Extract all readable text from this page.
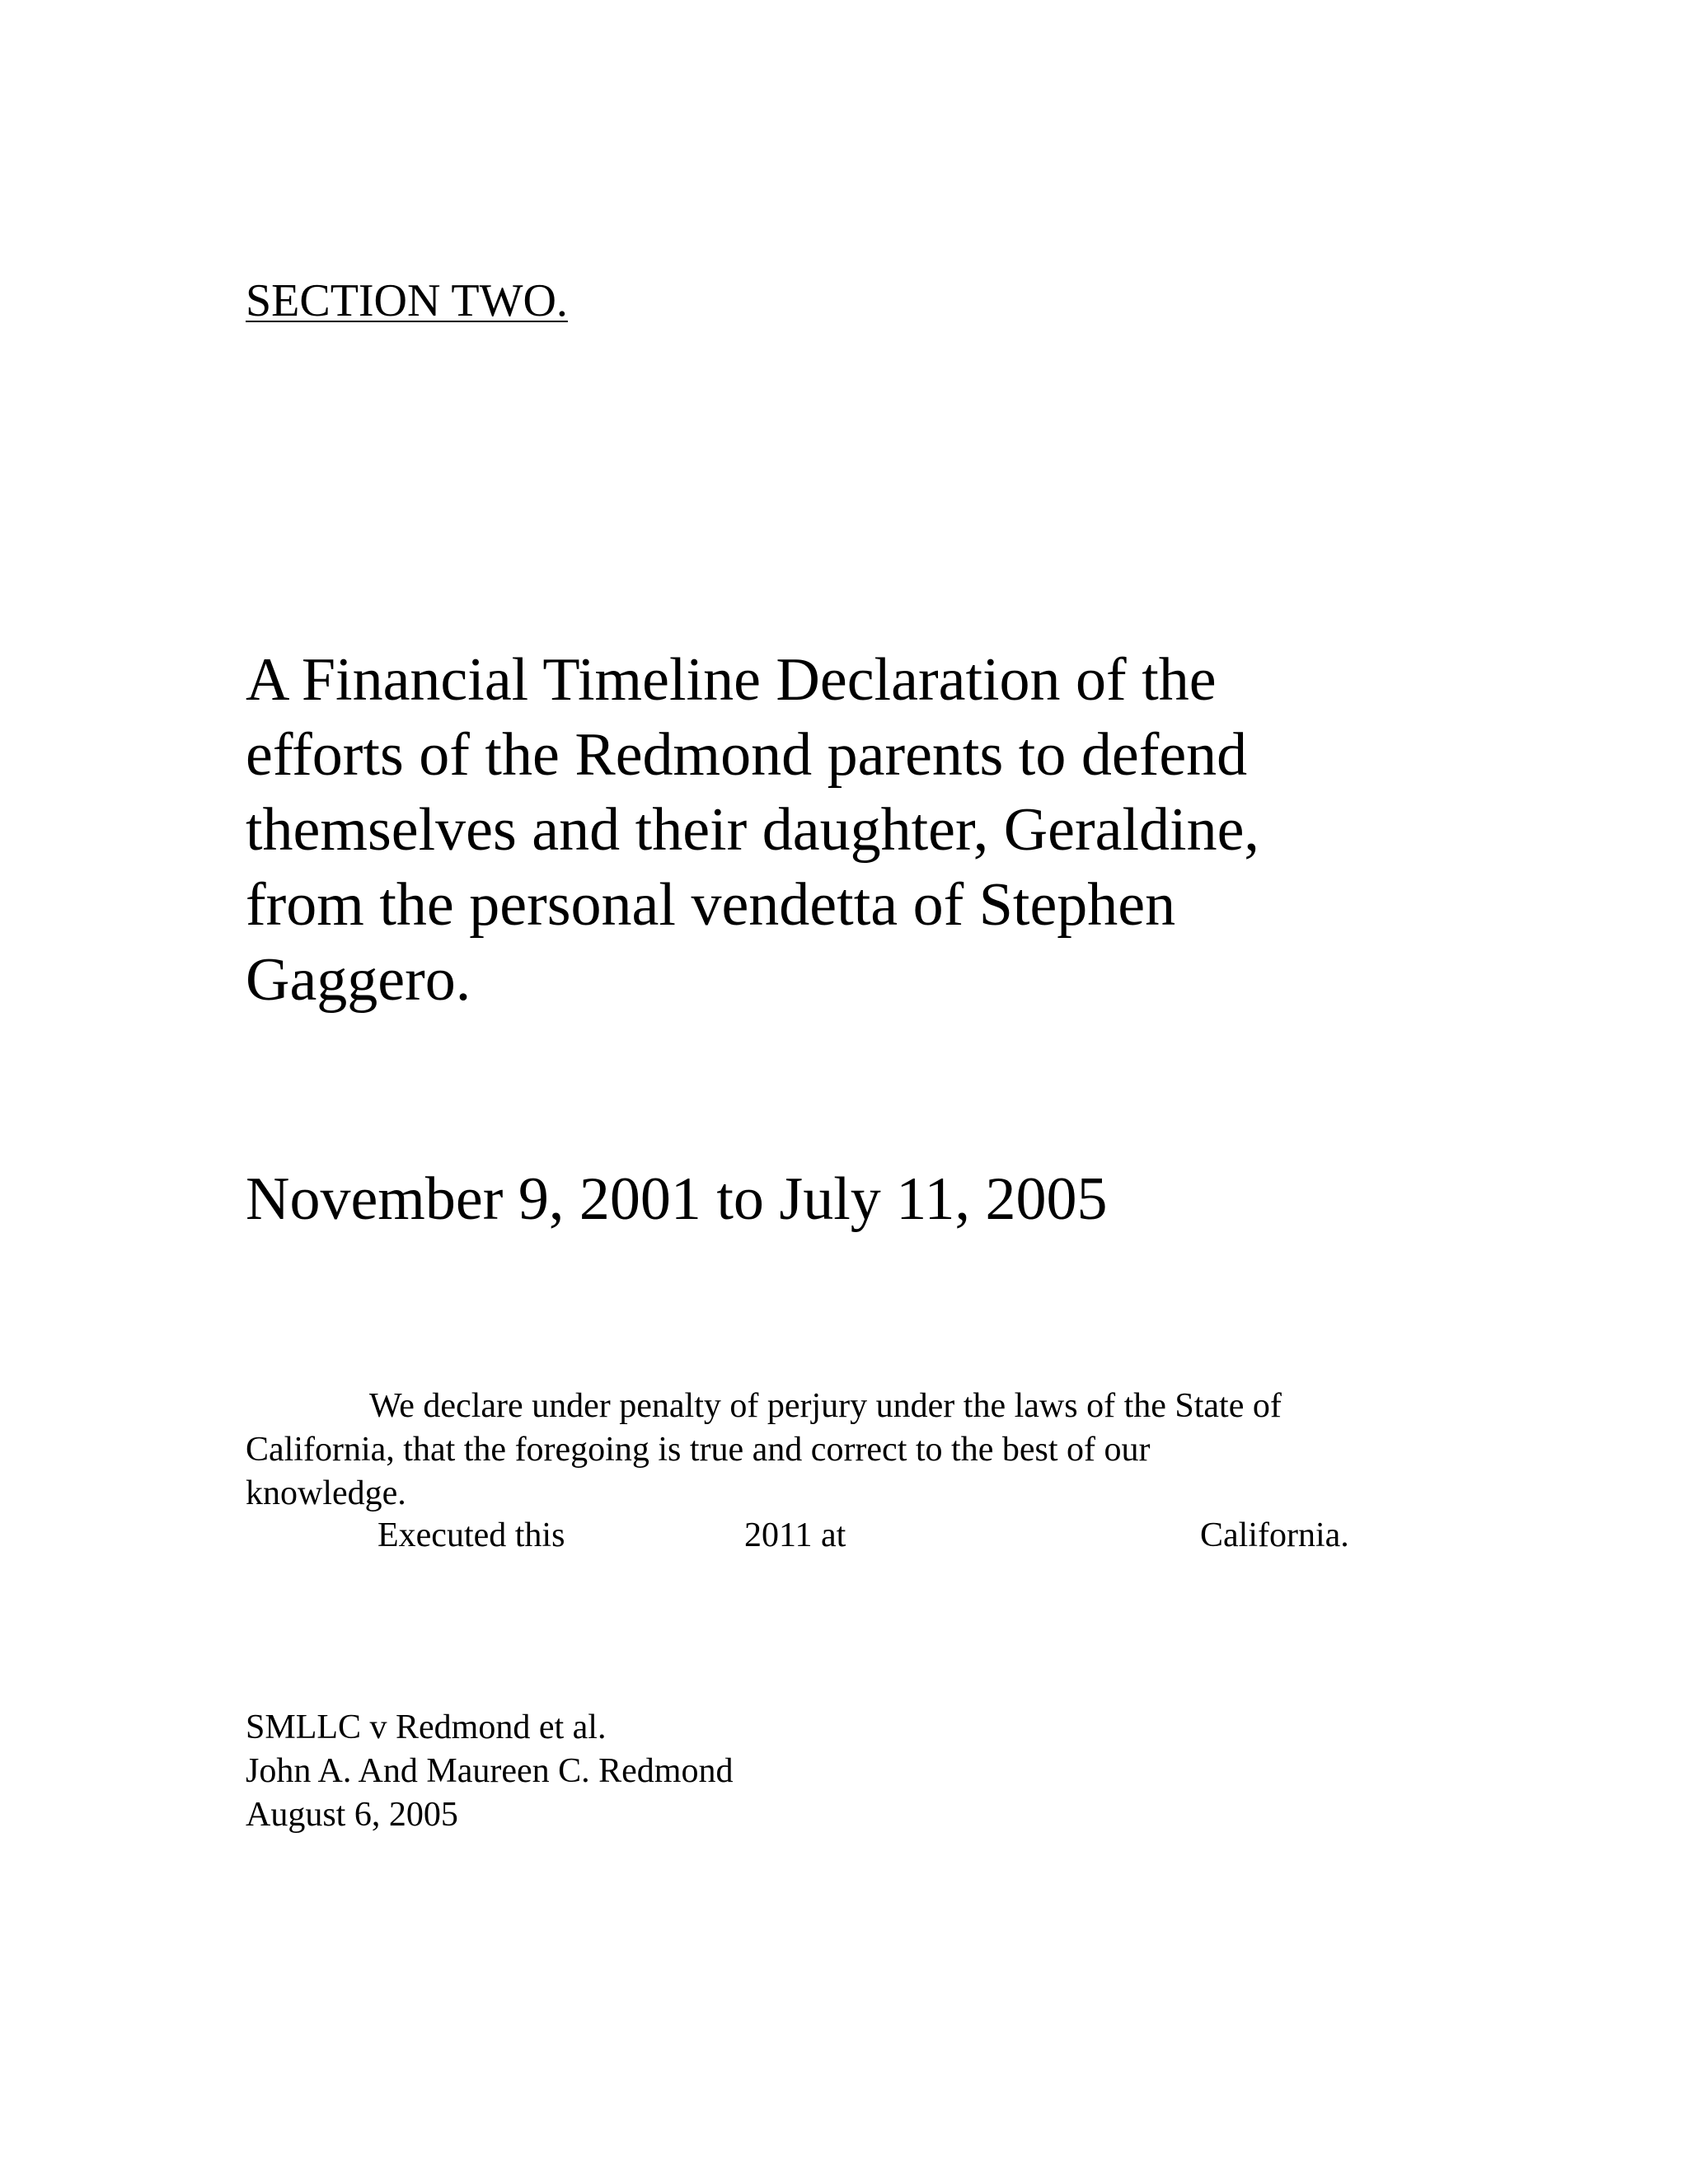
SECTION TWO.
A Financial Timeline Declaration of the
efforts of the Redmond parents to defend
themselves and their daughter, Geraldine,
from the personal vendetta of Stephen
Gaggero.
November 9, 2001 to July 11, 2005
We declare under penalty of perjury under the laws of the State of
California, that the foregoing is true and correct to the best of our
knowledge.
Executed this	2011 at	California.
SMLLC v Redmond et al.
John A. And Maureen C. Redmond
August 6, 2005
